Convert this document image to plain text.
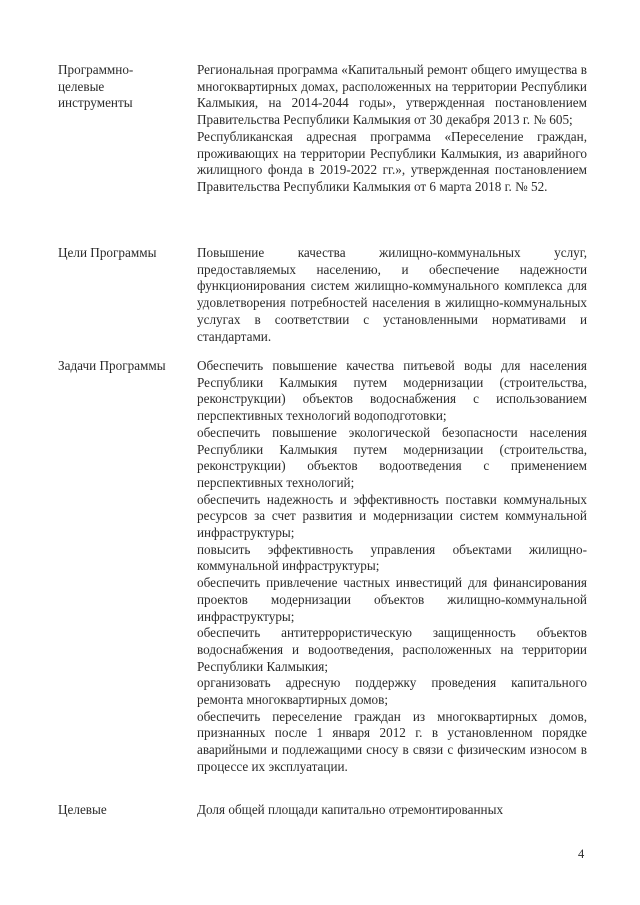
Программно-
целевые
инструменты

Региональная программа «Капитальный ремонт общего имущества в многоквартирных домах, расположенных на территории Республики Калмыкия, на 2014-2044 годы», утвержденная постановлением Правительства Республики Калмыкия от 30 декабря 2013 г. № 605;

Республиканская адресная программа «Переселение граждан, проживающих на территории Республики Калмыкия, из аварийного жилищного фонда в 2019-2022 гг.», утвержденная постановлением Правительства Республики Калмыкия от 6 марта 2018 г. № 52.

Цели Программы	Повышение качества жилищно-коммунальных услуг, предоставляемых населению, и обеспечение надежности функционирования систем жилищно-коммунального комплекса для удовлетворения потребностей населения в жилищно-коммунальных услугах в соответствии с установленными нормативами и стандартами.

Задачи Программы Обеспечить повышение качества питьевой воды для населения Республики Калмыкия путем модернизации (строительства, реконструкции) объектов водоснабжения с использованием перспективных технологий водоподготовки;

обеспечить повышение экологической безопасности населения Республики Калмыкия путем модернизации (строительства, реконструкции) объектов водоотведения с применением перспективных технологий;

обеспечить надежность и эффективность поставки коммунальных ресурсов за счет развития и модернизации систем коммунальной инфраструктуры;

повысить эффективность управления объектами жилищно-коммунальной инфраструктуры;

обеспечить привлечение частных инвестиций для финансирования проектов модернизации объектов жилищно-коммунальной инфраструктуры;

обеспечить антитеррористическую защищенность объектов водоснабжения и водоотведения, расположенных на территории Республики Калмыкия;

организовать адресную поддержку проведения капитального ремонта многоквартирных домов;

обеспечить переселение граждан из многоквартирных домов, признанных после 1 января 2012 г. в установленном порядке аварийными и подлежащими сносу в связи с физическим износом в процессе их эксплуатации.

Целевые	Доля общей площади капитально отремонтированных

4
